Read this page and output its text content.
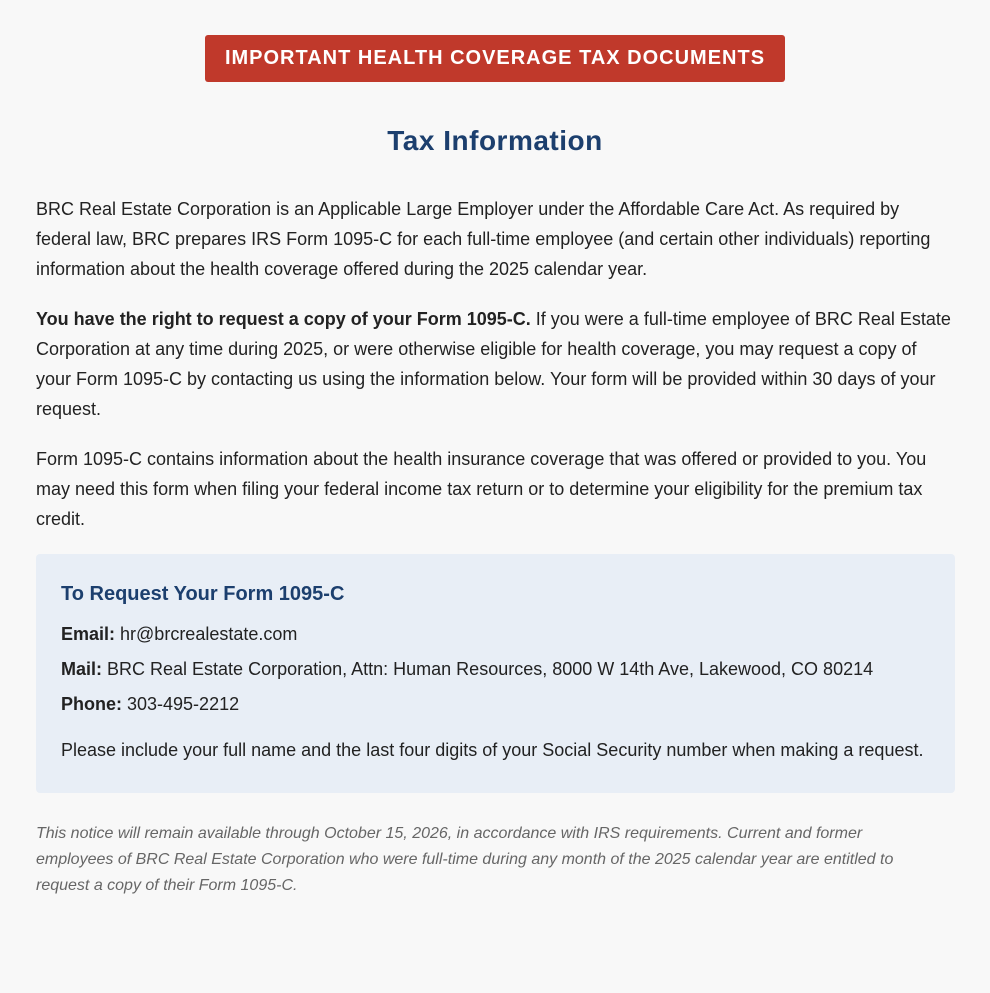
IMPORTANT HEALTH COVERAGE TAX DOCUMENTS
Tax Information

BRC Real Estate Corporation is an Applicable Large Employer under the Affordable Care Act. As required by federal law, BRC prepares IRS Form 1095-C for each full-time employee (and certain other individuals) reporting information about the health coverage offered during the 2025 calendar year.

You have the right to request a copy of your Form 1095-C. If you were a full-time employee of BRC Real Estate Corporation at any time during 2025, or were otherwise eligible for health coverage, you may request a copy of your Form 1095-C by contacting us using the information below. Your form will be provided within 30 days of your request.

Form 1095-C contains information about the health insurance coverage that was offered or provided to you. You may need this form when filing your federal income tax return or to determine your eligibility for the premium tax credit.

To Request Your Form 1095-C
Email: hr@brcrealestate.com
Mail: BRC Real Estate Corporation, Attn: Human Resources, 8000 W 14th Ave, Lakewood, CO 80214
Phone: 303-495-2212

Please include your full name and the last four digits of your Social Security number when making a request.

This notice will remain available through October 15, 2026, in accordance with IRS requirements. Current and former employees of BRC Real Estate Corporation who were full-time during any month of the 2025 calendar year are entitled to request a copy of their Form 1095-C.
